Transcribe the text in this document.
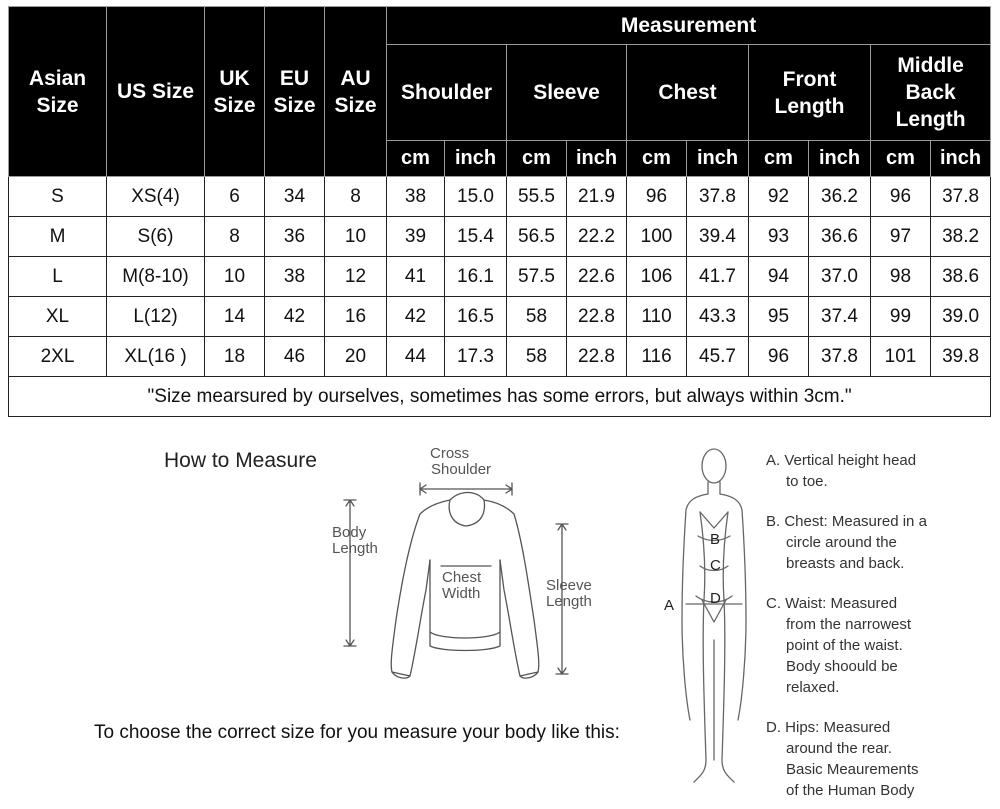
Asian Size	US Size	UK Size	EU Size	AU Size	Measurement									
					Shoulder		Sleeve		Chest		Front Length		Middle Back Length	
					cm	inch	cm	inch	cm	inch	cm	inch	cm	inch
S	XS(4)	6	34	8	38	15.0	55.5	21.9	96	37.8	92	36.2	96	37.8
M	S(6)	8	36	10	39	15.4	56.5	22.2	100	39.4	93	36.6	97	38.2
L	M(8-10)	10	38	12	41	16.1	57.5	22.6	106	41.7	94	37.0	98	38.6
XL	L(12)	14	42	16	42	16.5	58	22.8	110	43.3	95	37.4	99	39.0
2XL	XL(16 )	18	46	20	44	17.3	58	22.8	116	45.7	96	37.8	101	39.8
"Size mearsured by ourselves, sometimes has some errors, but always within 3cm."														
How to Measure	Cross
Shoulder
Body
Length
Chest
Width	Sleeve
Length
B
C
D
A
To choose the correct size for you measure your body like this:
A. Vertical height head
to toe.
B. Chest: Measured in a
circle around the
breasts and back.
C. Waist: Measured
from the narrowest
point of the waist.
Body shoould be
relaxed.
D. Hips: Measured
around the rear.
Basic Meaurements
of the Human Body
